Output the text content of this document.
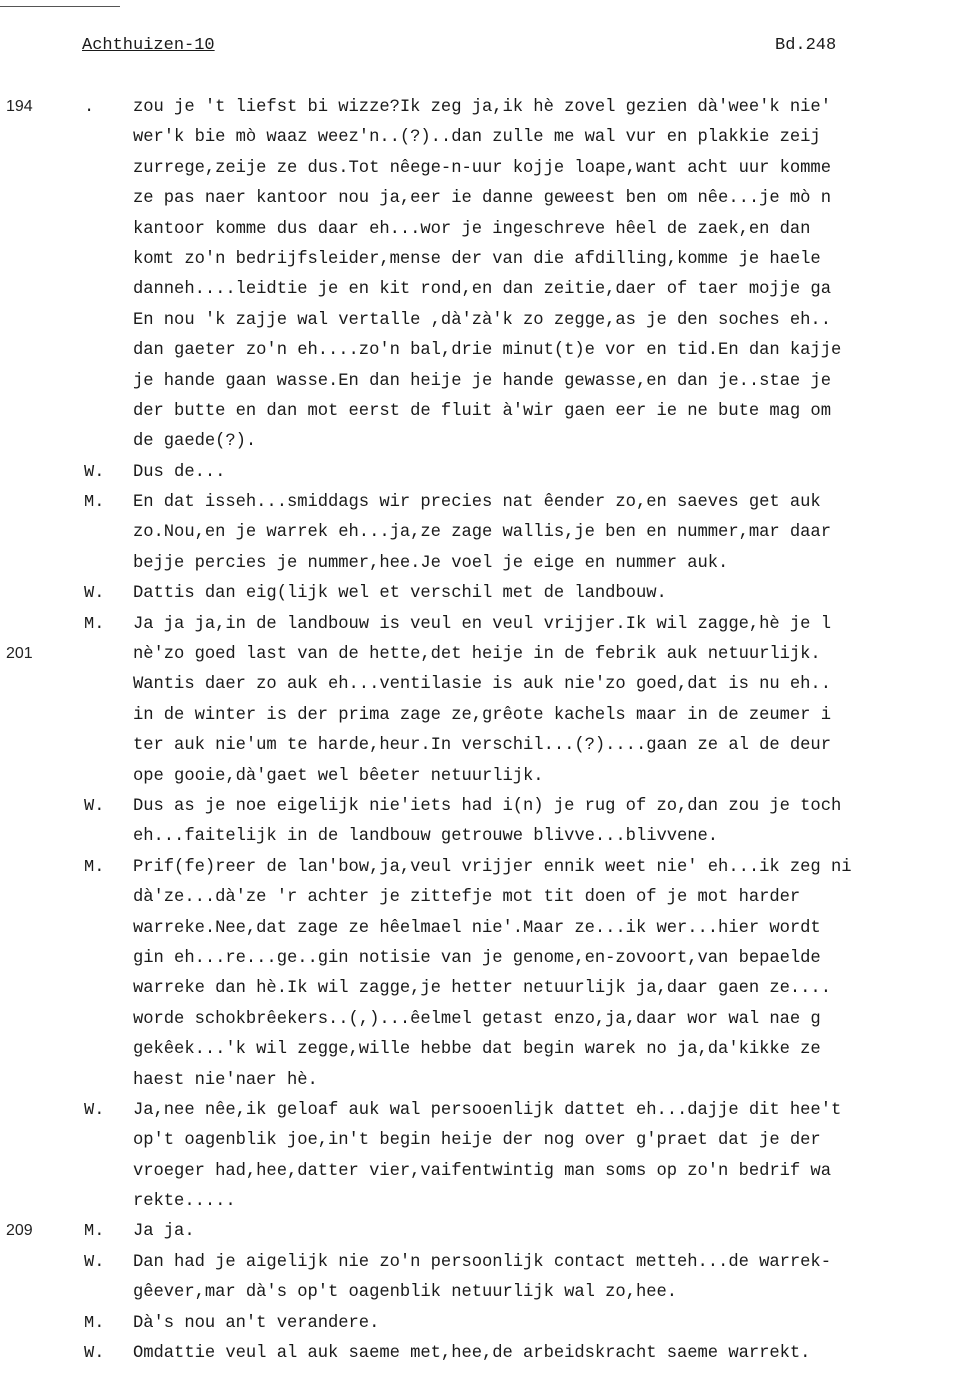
Achthuizen-10	Bd.248
194	. zou je 't liefst bi wizze?Ik zeg ja,ik hè zovel gezien dà'wee'k nie'
wer'k bie mò waaz weez'n..(?)..dan zulle me wal vur en plakkie zeij
zurrege,zeije ze dus.Tot nêege-n-uur kojje loape,want acht uur komme
ze pas naer kantoor nou ja,eer ie danne geweest ben om nêe...je mò n
kantoor komme dus daar eh...wor je ingeschreve hêel de zaek,en dan
komt zo'n bedrijfsleider,mense der van die afdilling,komme je haele
danneh....leidtie je en kit rond,en dan zeitie,daer of taer mojje ga
En nou 'k zajje wal vertalle ,dà'zà'k zo zegge,as je den soches eh..
dan gaeter zo'n eh....zo'n bal,drie minut(t)e vor en tid.En dan kajje
je hande gaan wasse.En dan heije je hande gewasse,en dan je..stae je
der butte en dan mot eerst de fluit à'wir gaen eer ie ne bute mag om
de gaede(?).
W. Dus de...
M. En dat isseh...smiddags wir precies nat êender zo,en saeves get auk
zo.Nou,en je warrek eh...ja,ze zage wallis,je ben en nummer,mar daar
bejje percies je nummer,hee.Je voel je eige en nummer auk.
W. Dattis dan eig(lijk wel et verschil met de landbouw.
M. Ja ja ja,in de landbouw is veul en veul vrijjer.Ik wil zagge,hè je l
201	nè'zo goed last van de hette,det heije in de febrik auk netuurlijk.
Wantis daer zo auk eh...ventilasie is auk nie'zo goed,dat is nu eh..
in de winter is der prima zage ze,grêote kachels maar in de zeumer i
ter auk nie'um te harde,heur.In verschil...(?)....gaan ze al de deur
ope gooie,dà'gaet wel bêeter netuurlijk.
W. Dus as je noe eigelijk nie'iets had i(n) je rug of zo,dan zou je toch
eh...faitelijk in de landbouw getrouwe blivve...blivvene.
M. Prif(fe)reer de lan'bow,ja,veul vrijjer ennik weet nie' eh...ik zeg ni
dà'ze...dà'ze 'r achter je zittefje mot tit doen of je mot harder
warreke.Nee,dat zage ze hêelmael nie'.Maar ze...ik wer...hier wordt
gin eh...re...ge..gin notisie van je genome,en-zovoort,van bepaelde
warreke dan hè.Ik wil zagge,je hetter netuurlijk ja,daar gaen ze....
worde schokbrêekers..(,)...êelmel getast enzo,ja,daar wor wal nae g
gekêek...'k wil zegge,wille hebbe dat begin warek no ja,da'kikke ze
haest nie'naer hè.
W. Ja,nee nêe,ik geloaf auk wal persooenlijk dattet eh...dajje dit hee't
op't oagenblik joe,in't begin heije der nog over g'praet dat je der
vroeger had,hee,datter vier,vaifentwintig man soms op zo'n bedrif wa
rekte.....
209	M. Ja ja.
W. Dan had je aigelijk nie zo'n persoonlijk contact metteh...de warrek-
gêever,mar dà's op't oagenblik netuurlijk wal zo,hee.
M. Dà's nou an't verandere.
W. Omdattie veul al auk saeme met,hee,de arbeidskracht saeme warrekt.
